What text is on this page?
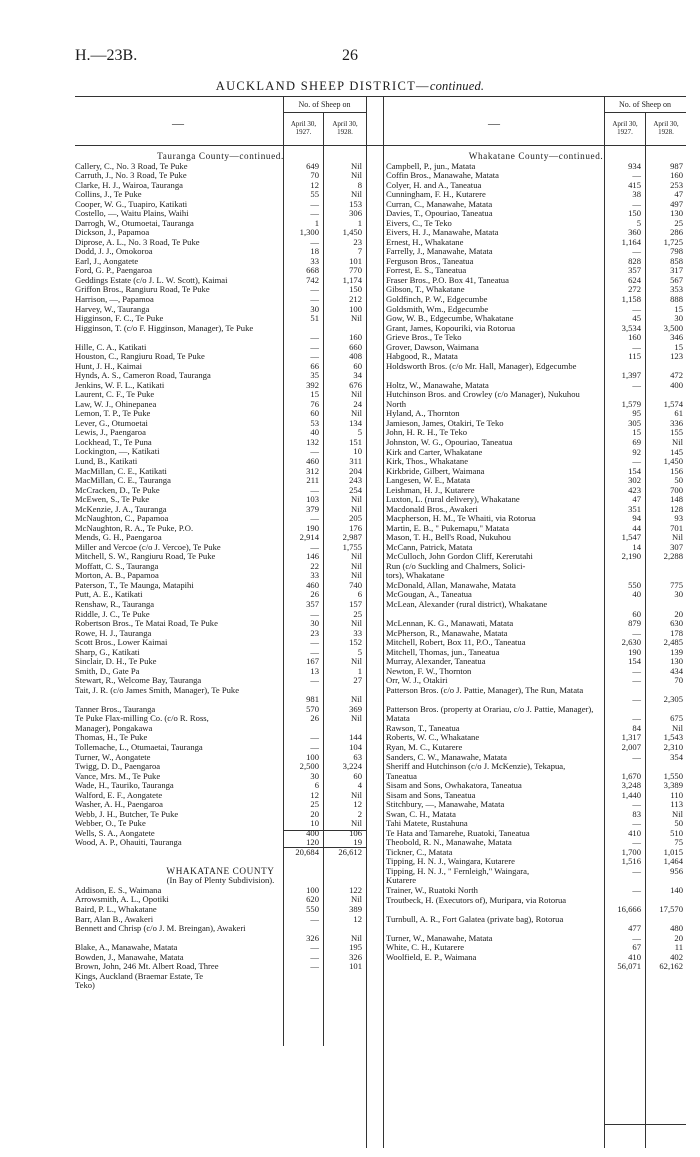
H.—23B.	26
AUCKLAND SHEEP DISTRICT—continued.
—	—
No. of Sheep on	No. of Sheep on
April 30,
1927.
April 30,
1928.
April 30,
1927.
April 30,
1928.
Tauranga County—continued.
Callery, C., No. 3 Road, Te Puke	649	Nil
Carruth, J., No. 3 Road, Te Puke	70	Nil
Clarke, H. J., Wairoa, Tauranga	12	8
Collins, J., Te Puke	55	Nil
Cooper, W. G., Tuapiro, Katikati	—	153
Costello, —, Waitu Plains, Waihi	—	306
Darrogh, W., Otumoetai, Tauranga	1	1
Dickson, J., Papamoa	1,300	1,450
Diprose, A. L., No. 3 Road, Te Puke	—	23
Dodd, J. J., Omokoroa	18	7
Earl, J., Aongatete	33	101
Ford, G. P., Paengaroa	668	770
Geddings Estate (c/o J. L. W. Scott), Kaimai	742	1,174
Griffon Bros., Rangiuru Road, Te Puke	—	150
Harrison, —, Papamoa	—	212
Harvey, W., Tauranga	30	100
Higginson, F. C., Te Puke	51	Nil
Higginson, T. (c/o F. Higginson, Manager), Te Puke
—	160
Hille, C. A., Katikati	—	660
Houston, C., Rangiuru Road, Te Puke	—	408
Hunt, J. H., Kaimai	66	60
Hynds, A. S., Cameron Road, Tauranga	35	34
Jenkins, W. F. L., Katikati	392	676
Laurent, C. F., Te Puke	15	Nil
Law, W. J., Ohinepanea	76	24
Lemon, T. P., Te Puke	60	Nil
Lever, G., Otumoetai	53	134
Lewis, J., Paengaroa	40	5
Lockhead, T., Te Puna	132	151
Lockington, —, Katikati	—	10
Lund, B., Katikati	460	311
MacMillan, C. E., Katikati	312	204
MacMillan, C. E., Tauranga	211	243
McCracken, D., Te Puke	—	254
McEwen, S., Te Puke	103	Nil
McKenzie, J. A., Tauranga	379	Nil
McNaughton, C., Papamoa	—	205
McNaughton, R. A., Te Puke, P.O.	190	176
Mends, G. H., Paengaroa	2,914	2,987
Miller and Vercoe (c/o J. Vercoe), Te Puke	—	1,755
Mitchell, S. W., Rangiuru Road, Te Puke	146	Nil
Moffatt, C. S., Tauranga	22	Nil
Morton, A. B., Papamoa	33	Nil
Paterson, T., Te Maunga, Matapihi	460	740
Putt, A. E., Katikati	26	6
Renshaw, R., Tauranga	357	157
Riddle, J. C., Te Puke	—	25
Robertson Bros., Te Matai Road, Te Puke	30	Nil
Rowe, H. J., Tauranga	23	33
Scott Bros., Lower Kaimai	—	152
Sharp, G., Katikati	—	5
Sinclair, D. H., Te Puke	167	Nil
Smith, D., Gate Pa	13	1
Stewart, R., Welcome Bay, Tauranga	—	27
Tait, J. R. (c/o James Smith, Manager), Te Puke
981	Nil
Tanner Bros., Tauranga	570	369
Te Puke Flax-milling Co. (c/o R. Ross,	26	Nil
Manager), Pongakawa
Thomas, H., Te Puke	—	144
Tollemache, L., Otumaetai, Tauranga	—	104
Turner, W., Aongatete	100	63
Twigg, D. D., Paengaroa	2,500	3,224
Vance, Mrs. M., Te Puke	30	60
Wade, H., Tauriko, Tauranga	6	4
Walford, E. F., Aongatete	12	Nil
Washer, A. H., Paengaroa	25	12
Webb, J. H., Butcher, Te Puke	20	2
Webber, O., Te Puke	10	Nil
Wells, S. A., Aongatete	400	106
Wood, A. P., Ohauiti, Tauranga	120	19
20,684 26,612
WHAKATANE COUNTY
(In Bay of Plenty Subdivision).
Addison, E. S., Waimana	100	122
Arrowsmith, A. L., Opotiki	620	Nil
Baird, P. L., Whakatane	550	389
Barr, Alan B., Awakeri	—	12
Bennett and Chrisp (c/o J. M. Breingan), Awakeri
326	Nil
Blake, A., Manawahe, Matata	—	195
Bowden, J., Manawahe, Matata	—	326
Brown, John, 246 Mt. Albert Road, Three	—	101
Kings, Auckland (Braemar Estate, Te
Teko)
Whakatane County—continued.
Campbell, P., jun., Matata	934	987
Coffin Bros., Manawahe, Matata	—	160
Colyer, H. and A., Taneatua	415	253
Cunningham, F. H., Kutarere	38	47
Curran, C., Manawahe, Matata	—	497
Davies, T., Opouriao, Taneatua	150	130
Eivers, C., Te Teko	5	25
Eivers, H. J., Manawahe, Matata	360	286
Ernest, H., Whakatane	1,164	1,725
Farrelly, J., Manawahe, Matata	—	798
Ferguson Bros., Taneatua	828	858
Forrest, E. S., Taneatua	357	317
Fraser Bros., P.O. Box 41, Taneatua	624	567
Gibson, T., Whakatane	272	353
Goldfinch, P. W., Edgecumbe	1,158	888
Goldsmith, Wm., Edgecumbe	—	15
Gow, W. B., Edgecumbe, Whakatane	45	30
Grant, James, Kopouriki, via Rotorua	3,534	3,500
Grieve Bros., Te Teko	160	346
Grover, Dawson, Waimana	—	15
Habgood, R., Matata	115	123
Holdsworth Bros. (c/o Mr. Hall, Manager), Edgecumbe
1,397	472
Holtz, W., Manawahe, Matata	—	400
Hutchinson Bros. and Crowley (c/o Manager), Nukuhou North	1,579	1,574
Hyland, A., Thornton	95	61
Jamieson, James, Otakiri, Te Teko	305	336
John, H. R. H., Te Teko	15	155
Johnston, W. G., Opouriao, Taneatua	69	Nil
Kirk and Carter, Whakatane	92	145
Kirk, Thos., Whakatane	—	1,450
Kirkbride, Gilbert, Waimana	154	156
Langesen, W. E., Matata	302	50
Leishman, H. J., Kutarere	423	700
Luxton, L. (rural delivery), Whakatane	47	148
Macdonald Bros., Awakeri	351	128
Macpherson, H. M., Te Whaiti, via Rotorua	94	93
Martin, E. B., " Pukemapu," Matata	44	701
Mason, T. H., Bell's Road, Nukuhou	1,547	Nil
McCann, Patrick, Matata	14	307
McCulloch, John Gordon Cliff, Kererutahi	2,190	2,288
Run (c/o Suckling and Chalmers, Solici-
tors), Whakatane
McDonald, Allan, Manawahe, Matata	550	775
McGougan, A., Taneatua	40	30
McLean, Alexander (rural district), Whakatane
60	20
McLennan, K. G., Manawati, Matata	879	630
McPherson, R., Manawahe, Matata	—	178
Mitchell, Robert, Box 11, P.O., Taneatua	2,630	2,485
Mitchell, Thomas, jun., Taneatua	190	139
Murray, Alexander, Taneatua	154	130
Newton, F. W., Thornton	—	434
Orr, W. J., Otakiri	—	70
Patterson Bros. (c/o J. Pattie, Manager), The Run, Matata
—	2,305
Patterson Bros. (property at Orariau, c/o J. Pattie, Manager), Matata	—	675
Rawson, T., Taneatua	84	Nil
Roberts, W. C., Whakatane	1,317	1,543
Ryan, M. C., Kutarere	2,007	2,310
Sanders, C. W., Manawahe, Matata	—	354
Sheriff and Hutchinson (c/o J. McKenzie), Tekapua, Taneatua	1,670	1,550
Sisam and Sons, Owhakatora, Taneatua	3,248	3,389
Sisam and Sons, Taneatua	1,440	110
Stitchbury, —, Manawahe, Matata	—	113
Swan, C. H., Matata	83	Nil
Tahi Matete, Rustahuna	—	50
Te Hata and Tamarehe, Ruatoki, Taneatua	410	510
Theobold, R. N., Manawahe, Matata	—	75
Tickner, C., Matata	1,700	1,015
Tipping, H. N. J., Waingara, Kutarere	1,516	1,464
Tipping, H. N. J., " Fernleigh," Waingara,	—	956
Kutarere
Trainer, W., Ruatoki North	—	140
Troutbeck, H. (Executors of), Muripara, via Rotorua
16,666 17,570
Turnbull, A. R., Fort Galatea (private bag), Rotorua
477	480
Turner, W., Manawahe, Matata	—	20
White, C. H., Kutarere	67	11
Woolfield, E. P., Waimana	410	402
56,071 62,162
